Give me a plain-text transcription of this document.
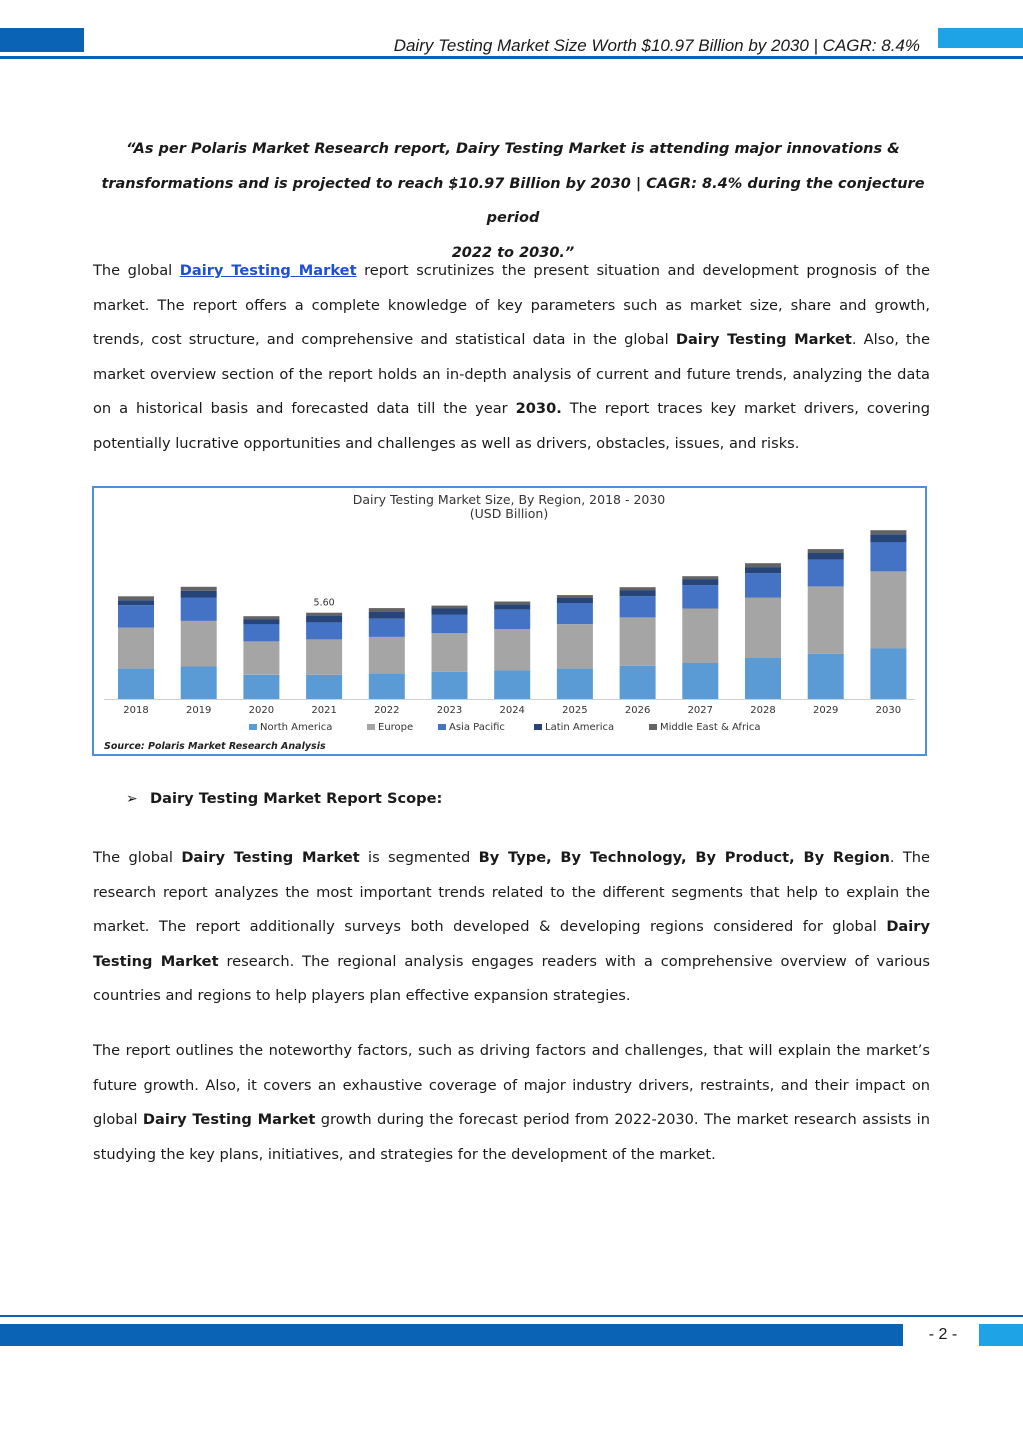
Dairy Testing Market Size Worth $10.97 Billion by 2030 | CAGR: 8.4%
“As per Polaris Market Research report, Dairy Testing Market is attending major innovations &
transformations and is projected to reach $10.97 Billion by 2030 | CAGR: 8.4% during the conjecture period
2022 to 2030.”
The global Dairy Testing Market report scrutinizes the present situation and development prognosis of the market. The report offers a complete knowledge of key parameters such as market size, share and growth, trends, cost structure, and comprehensive and statistical data in the global Dairy Testing Market. Also, the market overview section of the report holds an in-depth analysis of current and future trends, analyzing the data on a historical basis and forecasted data till the year 2030. The report traces key market drivers, covering potentially lucrative opportunities and challenges as well as drivers, obstacles, issues, and risks.
Dairy Testing Market Size, By Region, 2018 - 2030
(USD Billion)
2018	2019	2020	2021
5.60
2022	2023	2024	2025	2026	2027	2028	2029	2030
North America	Europe	Asia Pacific	Latin America	Middle East & Africa
Source: Polaris Market Research Analysis
➢ Dairy Testing Market Report Scope:
The global Dairy Testing Market is segmented By Type, By Technology, By Product, By Region. The research report analyzes the most important trends related to the different segments that help to explain the market. The report additionally surveys both developed & developing regions considered for global Dairy Testing Market research. The regional analysis engages readers with a comprehensive overview of various countries and regions to help players plan effective expansion strategies.
The report outlines the noteworthy factors, such as driving factors and challenges, that will explain the market’s future growth. Also, it covers an exhaustive coverage of major industry drivers, restraints, and their impact on global Dairy Testing Market growth during the forecast period from 2022-2030. The market research assists in studying the key plans, initiatives, and strategies for the development of the market.
- 2 -
